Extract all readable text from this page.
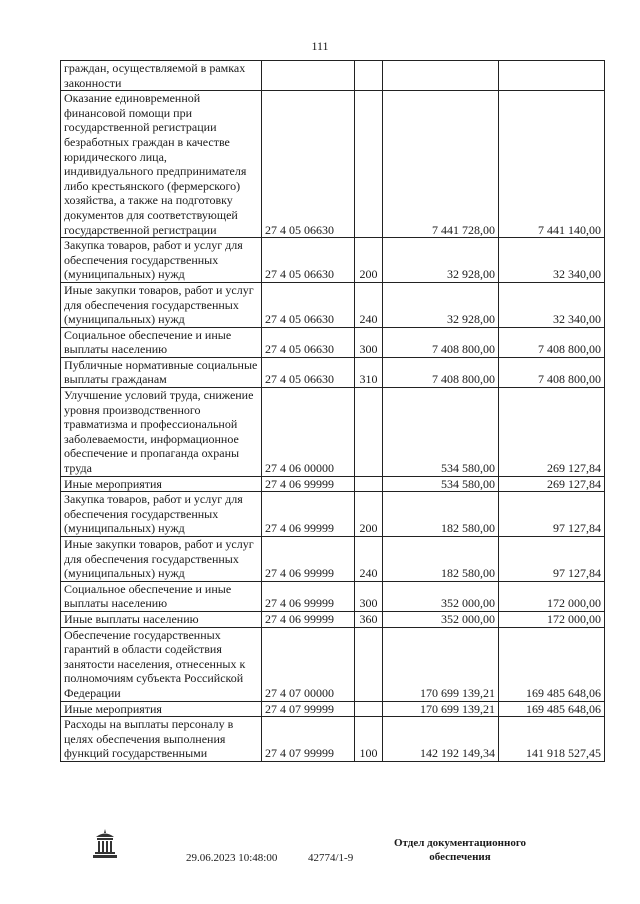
111
граждан, осуществляемой в рамках законности				
Оказание единовременной финансовой помощи при государственной регистрации безработных граждан в качестве юридического лица, индивидуального предпринимателя либо крестьянского (фермерского) хозяйства, а также на подготовку документов для соответствующей государственной регистрации	27 4 05 06630		7 441 728,00	7 441 140,00
Закупка товаров, работ и услуг для обеспечения государственных (муниципальных) нужд	27 4 05 06630	200	32 928,00	32 340,00
Иные закупки товаров, работ и услуг для обеспечения государственных (муниципальных) нужд	27 4 05 06630	240	32 928,00	32 340,00
Социальное обеспечение и иные выплаты населению	27 4 05 06630	300	7 408 800,00	7 408 800,00
Публичные нормативные социальные выплаты гражданам	27 4 05 06630	310	7 408 800,00	7 408 800,00
Улучшение условий труда, снижение уровня производственного травматизма и профессиональной заболеваемости, информационное обеспечение и пропаганда охраны труда	27 4 06 00000		534 580,00	269 127,84
Иные мероприятия	27 4 06 99999		534 580,00	269 127,84
Закупка товаров, работ и услуг для обеспечения государственных (муниципальных) нужд	27 4 06 99999	200	182 580,00	97 127,84
Иные закупки товаров, работ и услуг для обеспечения государственных (муниципальных) нужд	27 4 06 99999	240	182 580,00	97 127,84
Социальное обеспечение и иные выплаты населению	27 4 06 99999	300	352 000,00	172 000,00
Иные выплаты населению	27 4 06 99999	360	352 000,00	172 000,00
Обеспечение государственных гарантий в области содействия занятости населения, отнесенных к полномочиям субъекта Российской Федерации	27 4 07 00000		170 699 139,21	169 485 648,06
Иные мероприятия	27 4 07 99999		170 699 139,21	169 485 648,06
Расходы на выплаты персоналу в целях обеспечения выполнения функций государственными	27 4 07 99999	100	142 192 149,34	141 918 527,45
29.06.2023 10:48:00	42774/1-9
Отдел документационного обеспечения
